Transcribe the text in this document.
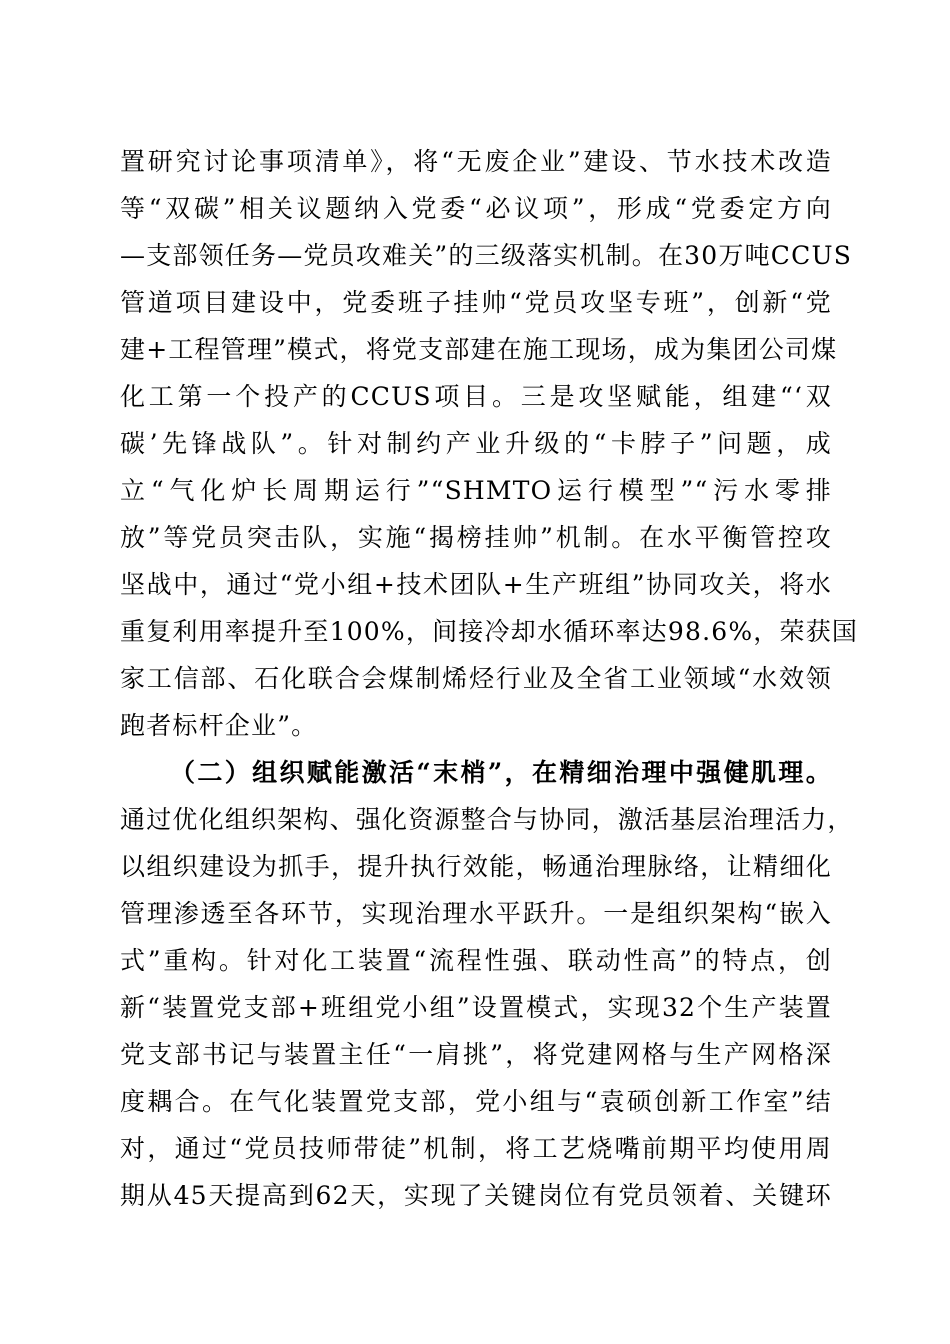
置研究讨论事项清单》，将“无废企业”建设、节水技术改造
等“双碳”相关议题纳入党委“必议项”，形成“党委定方向
—支部领任务—党员攻难关”的三级落实机制。在30万吨CCUS
管道项目建设中，党委班子挂帅“党员攻坚专班”，创新“党
建+工程管理”模式，将党支部建在施工现场，成为集团公司煤
化工第一个投产的CCUS项目。三是攻坚赋能，组建“‘双
碳’先锋战队”。针对制约产业升级的“卡脖子”问题，成
立“气化炉长周期运行”“SHMTO运行模型”“污水零排
放”等党员突击队，实施“揭榜挂帅”机制。在水平衡管控攻
坚战中，通过“党小组+技术团队+生产班组”协同攻关，将水
重复利用率提升至100%，间接冷却水循环率达98.6%，荣获国
家工信部、石化联合会煤制烯烃行业及全省工业领域“水效领
跑者标杆企业”。
（二）组织赋能激活“末梢”，在精细治理中强健肌理。
通过优化组织架构、强化资源整合与协同，激活基层治理活力，
以组织建设为抓手，提升执行效能，畅通治理脉络，让精细化
管理渗透至各环节，实现治理水平跃升。一是组织架构“嵌入
式”重构。针对化工装置“流程性强、联动性高”的特点，创
新“装置党支部+班组党小组”设置模式，实现32个生产装置
党支部书记与装置主任“一肩挑”，将党建网格与生产网格深
度耦合。在气化装置党支部，党小组与“袁硕创新工作室”结
对，通过“党员技师带徒”机制，将工艺烧嘴前期平均使用周
期从45天提高到62天，实现了关键岗位有党员领着、关键环
